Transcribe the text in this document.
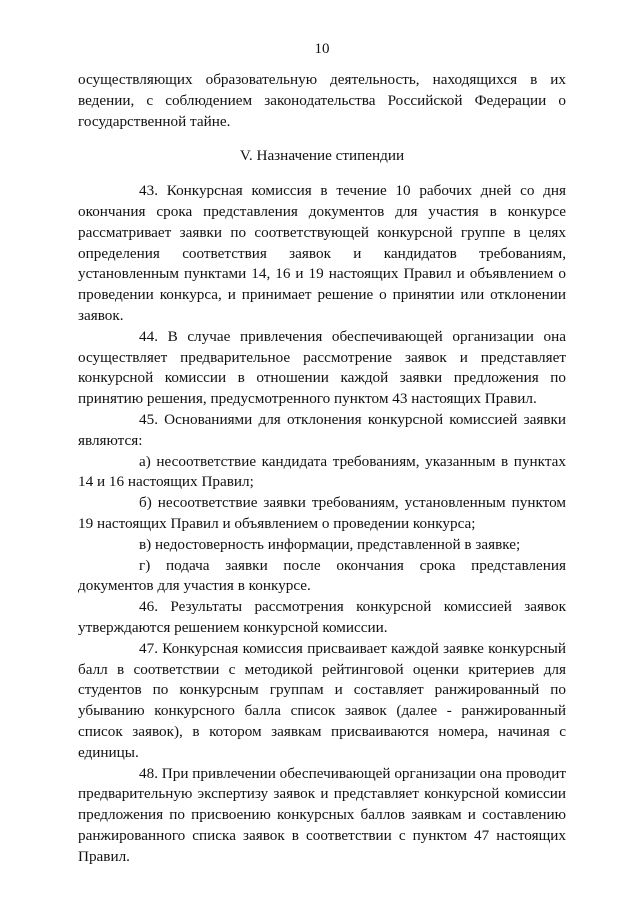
10

осуществляющих образовательную деятельность, находящихся в их ведении, с соблюдением законодательства Российской Федерации о государственной тайне.

V. Назначение стипендии

43. Конкурсная комиссия в течение 10 рабочих дней со дня окончания срока представления документов для участия в конкурсе рассматривает заявки по соответствующей конкурсной группе в целях определения соответствия заявок и кандидатов требованиям, установленным пунктами 14, 16 и 19 настоящих Правил и объявлением о проведении конкурса, и принимает решение о принятии или отклонении заявок.

44. В случае привлечения обеспечивающей организации она осуществляет предварительное рассмотрение заявок и представляет конкурсной комиссии в отношении каждой заявки предложения по принятию решения, предусмотренного пунктом 43 настоящих Правил.

45. Основаниями для отклонения конкурсной комиссией заявки являются:

а) несоответствие кандидата требованиям, указанным в пунктах 14 и 16 настоящих Правил;

б) несоответствие заявки требованиям, установленным пунктом 19 настоящих Правил и объявлением о проведении конкурса;

в) недостоверность информации, представленной в заявке;

г) подача заявки после окончания срока представления документов для участия в конкурсе.

46. Результаты рассмотрения конкурсной комиссией заявок утверждаются решением конкурсной комиссии.

47. Конкурсная комиссия присваивает каждой заявке конкурсный балл в соответствии с методикой рейтинговой оценки критериев для студентов по конкурсным группам и составляет ранжированный по убыванию конкурсного балла список заявок (далее - ранжированный список заявок), в котором заявкам присваиваются номера, начиная с единицы.

48. При привлечении обеспечивающей организации она проводит предварительную экспертизу заявок и представляет конкурсной комиссии предложения по присвоению конкурсных баллов заявкам и составлению ранжированного списка заявок в соответствии с пунктом 47 настоящих Правил.
